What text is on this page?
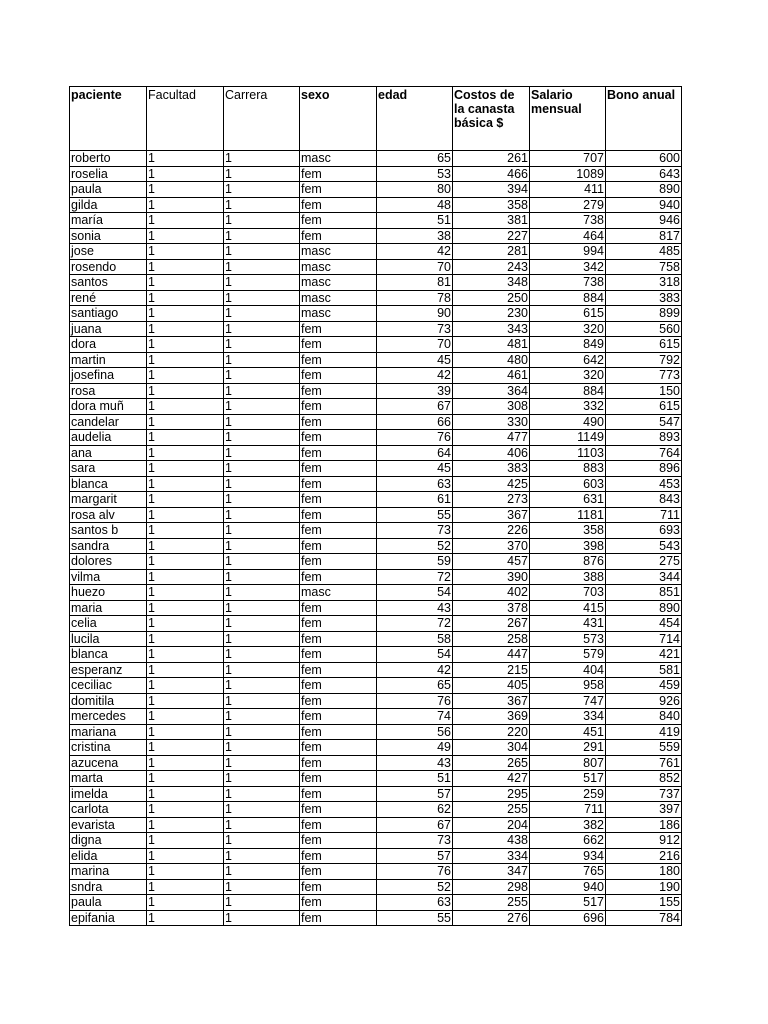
paciente	Facultad	Carrera	sexo	edad	Costos de la canasta básica $	Salario mensual	Bono anual
roberto	1	1	masc	65	261	707	600
roselia	1	1	fem	53	466	1089	643
paula	1	1	fem	80	394	411	890
gilda	1	1	fem	48	358	279	940
maría	1	1	fem	51	381	738	946
sonia	1	1	fem	38	227	464	817
jose	1	1	masc	42	281	994	485
rosendo	1	1	masc	70	243	342	758
santos	1	1	masc	81	348	738	318
rené	1	1	masc	78	250	884	383
santiago	1	1	masc	90	230	615	899
juana	1	1	fem	73	343	320	560
dora	1	1	fem	70	481	849	615
martin	1	1	fem	45	480	642	792
josefina	1	1	fem	42	461	320	773
rosa	1	1	fem	39	364	884	150
dora muñ	1	1	fem	67	308	332	615
candelar	1	1	fem	66	330	490	547
audelia	1	1	fem	76	477	1149	893
ana	1	1	fem	64	406	1103	764
sara	1	1	fem	45	383	883	896
blanca	1	1	fem	63	425	603	453
margarit	1	1	fem	61	273	631	843
rosa alv	1	1	fem	55	367	1181	711
santos b	1	1	fem	73	226	358	693
sandra	1	1	fem	52	370	398	543
dolores	1	1	fem	59	457	876	275
vilma	1	1	fem	72	390	388	344
huezo	1	1	masc	54	402	703	851
maria	1	1	fem	43	378	415	890
celia	1	1	fem	72	267	431	454
lucila	1	1	fem	58	258	573	714
blanca	1	1	fem	54	447	579	421
esperanz	1	1	fem	42	215	404	581
ceciliac	1	1	fem	65	405	958	459
domitila	1	1	fem	76	367	747	926
mercedes	1	1	fem	74	369	334	840
mariana	1	1	fem	56	220	451	419
cristina	1	1	fem	49	304	291	559
azucena	1	1	fem	43	265	807	761
marta	1	1	fem	51	427	517	852
imelda	1	1	fem	57	295	259	737
carlota	1	1	fem	62	255	711	397
evarista	1	1	fem	67	204	382	186
digna	1	1	fem	73	438	662	912
elida	1	1	fem	57	334	934	216
marina	1	1	fem	76	347	765	180
sndra	1	1	fem	52	298	940	190
paula	1	1	fem	63	255	517	155
epifania	1	1	fem	55	276	696	784
